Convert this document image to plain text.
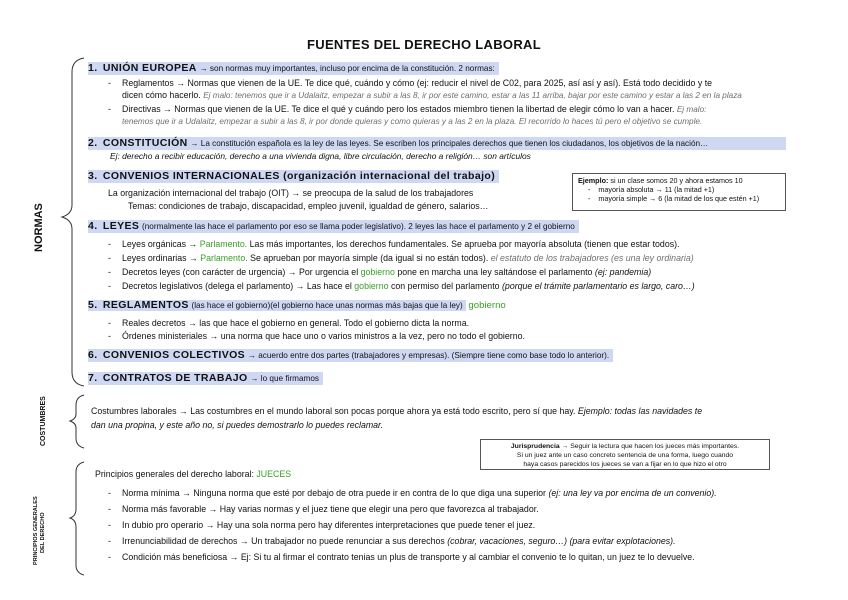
FUENTES DEL DERECHO LABORAL
NORMAS
COSTUMBRES
PRINCIPIOS GENERALES DEL DERECHO
1. UNIÓN EUROPEA → son normas muy importantes, incluso por encima de la constitución. 2 normas:
- Reglamentos → Normas que vienen de la UE. Te dice qué, cuándo y cómo (ej: reducir el nivel de C02, para 2025, así así y así). Está todo decidido y te
dicen cómo hacerlo. Ej malo: tenemos que ir a Udalaitz, empezar a subir a las 8, ir por este camino, estar a las 11 arriba, bajar por este camino y estar a las 2 en la plaza
- Directivas → Normas que vienen de la UE. Te dice el qué y cuándo pero los estados miembro tienen la libertad de elegir cómo lo van a hacer. Ej malo:
tenemos que ir a Udalaitz, empezar a subir a las 8, ir por donde quieras y como quieras y a las 2 en la plaza. El recorrido lo haces tú pero el objetivo se cumple.
2. CONSTITUCIÓN → La constitución española es la ley de las leyes. Se escriben los principales derechos que tienen los ciudadanos, los objetivos de la nación…
Ej: derecho a recibir educación, derecho a una vivienda digna, libre circulación, derecho a religión… son artículos
3. CONVENIOS INTERNACIONALES (organización internacional del trabajo)
La organización internacional del trabajo (OIT) → se preocupa de la salud de los trabajadores
Temas: condiciones de trabajo, discapacidad, empleo juvenil, igualdad de género, salarios…
Ejemplo: si un clase somos 20 y ahora estamos 10
-    mayoría absoluta → 11 (la mitad +1)
-    mayoría simple → 6 (la mitad de los que estén +1)
4. LEYES (normalmente las hace el parlamento por eso se llama poder legislativo). 2 leyes las hace el parlamento y 2 el gobierno
- Leyes orgánicas → Parlamento. Las más importantes, los derechos fundamentales. Se aprueba por mayoría absoluta (tienen que estar todos).
- Leyes ordinarias → Parlamento. Se aprueban por mayoría simple (da igual si no están todos). el estatuto de los trabajadores (es una ley ordinaria)
- Decretos leyes (con carácter de urgencia) → Por urgencia el gobierno pone en marcha una ley saltándose el parlamento (ej: pandemia)
- Decretos legislativos (delega el parlamento) → Las hace el gobierno con permiso del parlamento (porque el trámite parlamentario es largo, caro…)
5. REGLAMENTOS (las hace el gobierno)(el gobierno hace unas normas más bajas que la ley) gobierno
- Reales decretos → las que hace el gobierno en general. Todo el gobierno dicta la norma.
- Órdenes ministeriales → una norma que hace uno o varios ministros a la vez, pero no todo el gobierno.
6. CONVENIOS COLECTIVOS → acuerdo entre dos partes (trabajadores y empresas). (Siempre tiene como base todo lo anterior).
7. CONTRATOS DE TRABAJO → lo que firmamos
Costumbres laborales → Las costumbres en el mundo laboral son pocas porque ahora ya está todo escrito, pero sí que hay. Ejemplo: todas las navidades te
dan una propina, y este año no, si puedes demostrarlo lo puedes reclamar.
Jurisprudencia → Seguir la lectura que hacen los jueces más importantes.
Si un juez ante un caso concreto sentencia de una forma, luego cuando
haya casos parecidos los jueces se van a fijar en lo que hizo el otro
Principios generales del derecho laboral: JUECES
- Norma mínima → Ninguna norma que esté por debajo de otra puede ir en contra de lo que diga una superior (ej: una ley va por encima de un convenio).
- Norma más favorable → Hay varias normas y el juez tiene que elegir una pero que favorezca al trabajador.
- In dubio pro operario → Hay una sola norma pero hay diferentes interpretaciones que puede tener el juez.
- Irrenunciabilidad de derechos → Un trabajador no puede renunciar a sus derechos (cobrar, vacaciones, seguro…) (para evitar explotaciones).
- Condición más beneficiosa → Ej: Si tu al firmar el contrato tenias un plus de transporte y al cambiar el convenio te lo quitan, un juez te lo devuelve.
